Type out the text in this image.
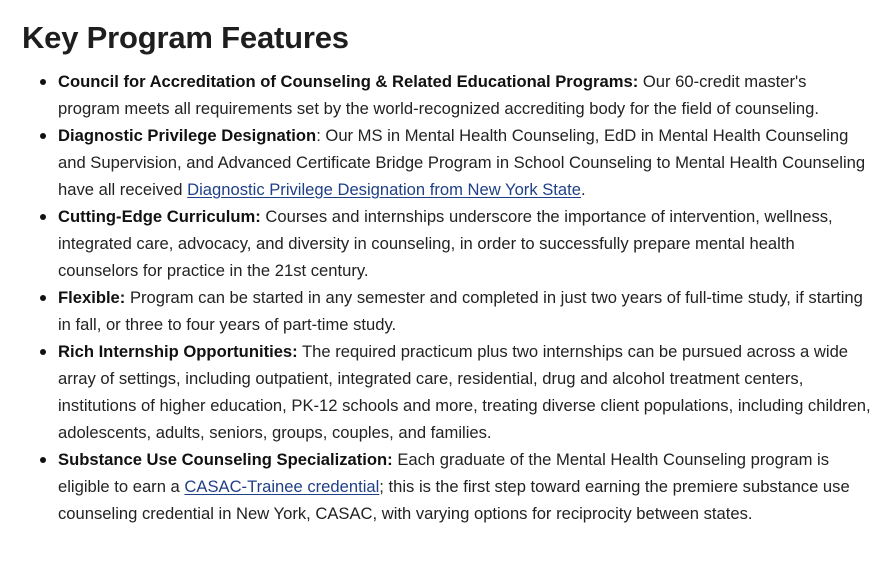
Key Program Features
Council for Accreditation of Counseling & Related Educational Programs: Our 60-credit master's program meets all requirements set by the world-recognized accrediting body for the field of counseling.
Diagnostic Privilege Designation: Our MS in Mental Health Counseling, EdD in Mental Health Counseling and Supervision, and Advanced Certificate Bridge Program in School Counseling to Mental Health Counseling have all received Diagnostic Privilege Designation from New York State.
Cutting-Edge Curriculum: Courses and internships underscore the importance of intervention, wellness, integrated care, advocacy, and diversity in counseling, in order to successfully prepare mental health counselors for practice in the 21st century.
Flexible: Program can be started in any semester and completed in just two years of full-time study, if starting in fall, or three to four years of part-time study.
Rich Internship Opportunities: The required practicum plus two internships can be pursued across a wide array of settings, including outpatient, integrated care, residential, drug and alcohol treatment centers, institutions of higher education, PK-12 schools and more, treating diverse client populations, including children, adolescents, adults, seniors, groups, couples, and families.
Substance Use Counseling Specialization: Each graduate of the Mental Health Counseling program is eligible to earn a CASAC-Trainee credential; this is the first step toward earning the premiere substance use counseling credential in New York, CASAC, with varying options for reciprocity between states.
